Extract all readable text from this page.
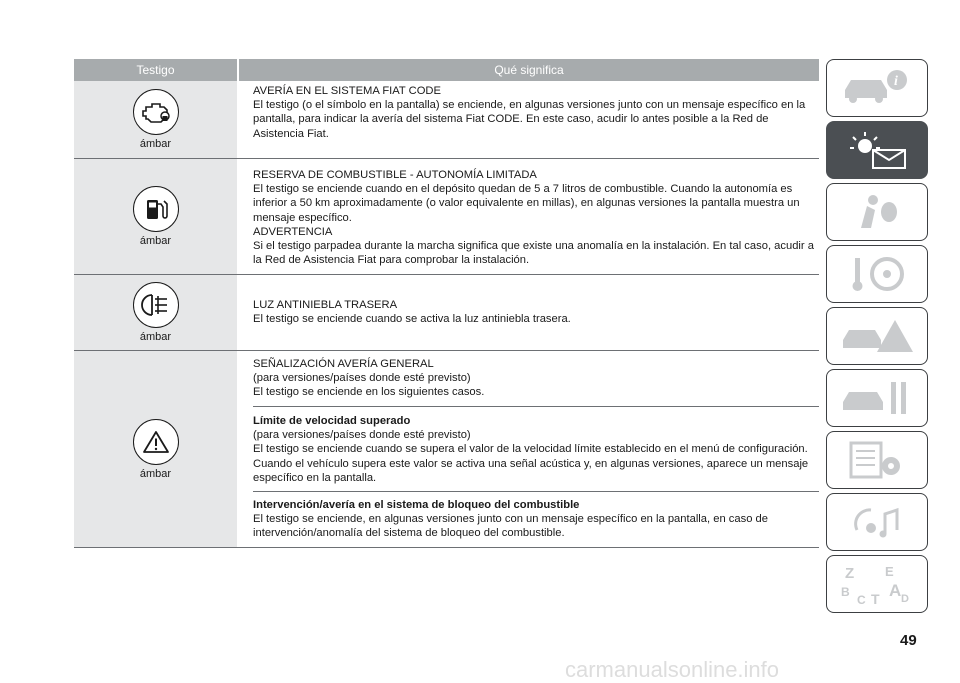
Testigo	Qué significa
ámbar

AVERÍA EN EL SISTEMA FIAT CODE

El testigo (o el símbolo en la pantalla) se enciende, en algunas versiones junto con un mensaje específico en la pantalla, para indicar la avería del sistema Fiat CODE. En este caso, acudir lo antes posible a la Red de Asistencia Fiat.

ámbar

RESERVA DE COMBUSTIBLE - AUTONOMÍA LIMITADA

El testigo se enciende cuando en el depósito quedan de 5 a 7 litros de combustible. Cuando la autonomía es inferior a 50 km aproximadamente (o valor equivalente en millas), en algunas versiones la pantalla muestra un mensaje específico.

ADVERTENCIA

Si el testigo parpadea durante la marcha significa que existe una anomalía en la instalación. En tal caso, acudir a la Red de Asistencia Fiat para comprobar la instalación.

ámbar

LUZ ANTINIEBLA TRASERA

El testigo se enciende cuando se activa la luz antiniebla trasera.

ámbar

SEÑALIZACIÓN AVERÍA GENERAL

(para versiones/países donde esté previsto)

El testigo se enciende en los siguientes casos.

Límite de velocidad superado

(para versiones/países donde esté previsto)

El testigo se enciende cuando se supera el valor de la velocidad límite establecido en el menú de configuración. Cuando el vehículo supera este valor se activa una señal acústica y, en algunas versiones, aparece un mensaje específico en la pantalla.

Intervención/avería en el sistema de bloqueo del combustible

El testigo se enciende, en algunas versiones junto con un mensaje específico en la pantalla, en caso de intervención/anomalía del sistema de bloqueo del combustible.

i
Z E
B A
C	D
T
49
carmanualsonline.info
